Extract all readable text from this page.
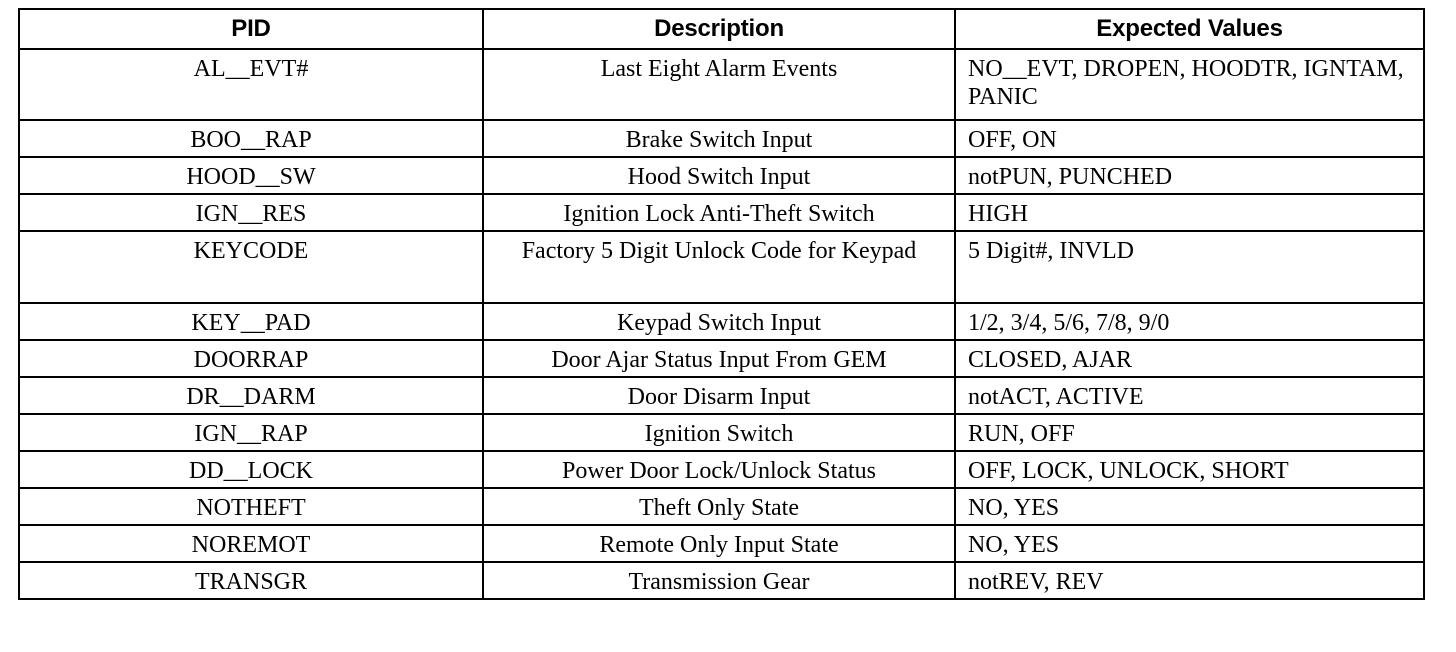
PID	Description	Expected Values
AL__EVT#	Last Eight Alarm Events	NO__EVT, DROPEN, HOODTR, IGNTAM, PANIC
BOO__RAP	Brake Switch Input	OFF, ON
HOOD__SW	Hood Switch Input	notPUN, PUNCHED
IGN__RES	Ignition Lock Anti-Theft Switch	HIGH
KEYCODE	Factory 5 Digit Unlock Code for Keypad	5 Digit#, INVLD
KEY__PAD	Keypad Switch Input	1/2, 3/4, 5/6, 7/8, 9/0
DOORRAP	Door Ajar Status Input From GEM	CLOSED, AJAR
DR__DARM	Door Disarm Input	notACT, ACTIVE
IGN__RAP	Ignition Switch	RUN, OFF
DD__LOCK	Power Door Lock/Unlock Status	OFF, LOCK, UNLOCK, SHORT
NOTHEFT	Theft Only State	NO, YES
NOREMOT	Remote Only Input State	NO, YES
TRANSGR	Transmission Gear	notREV, REV
